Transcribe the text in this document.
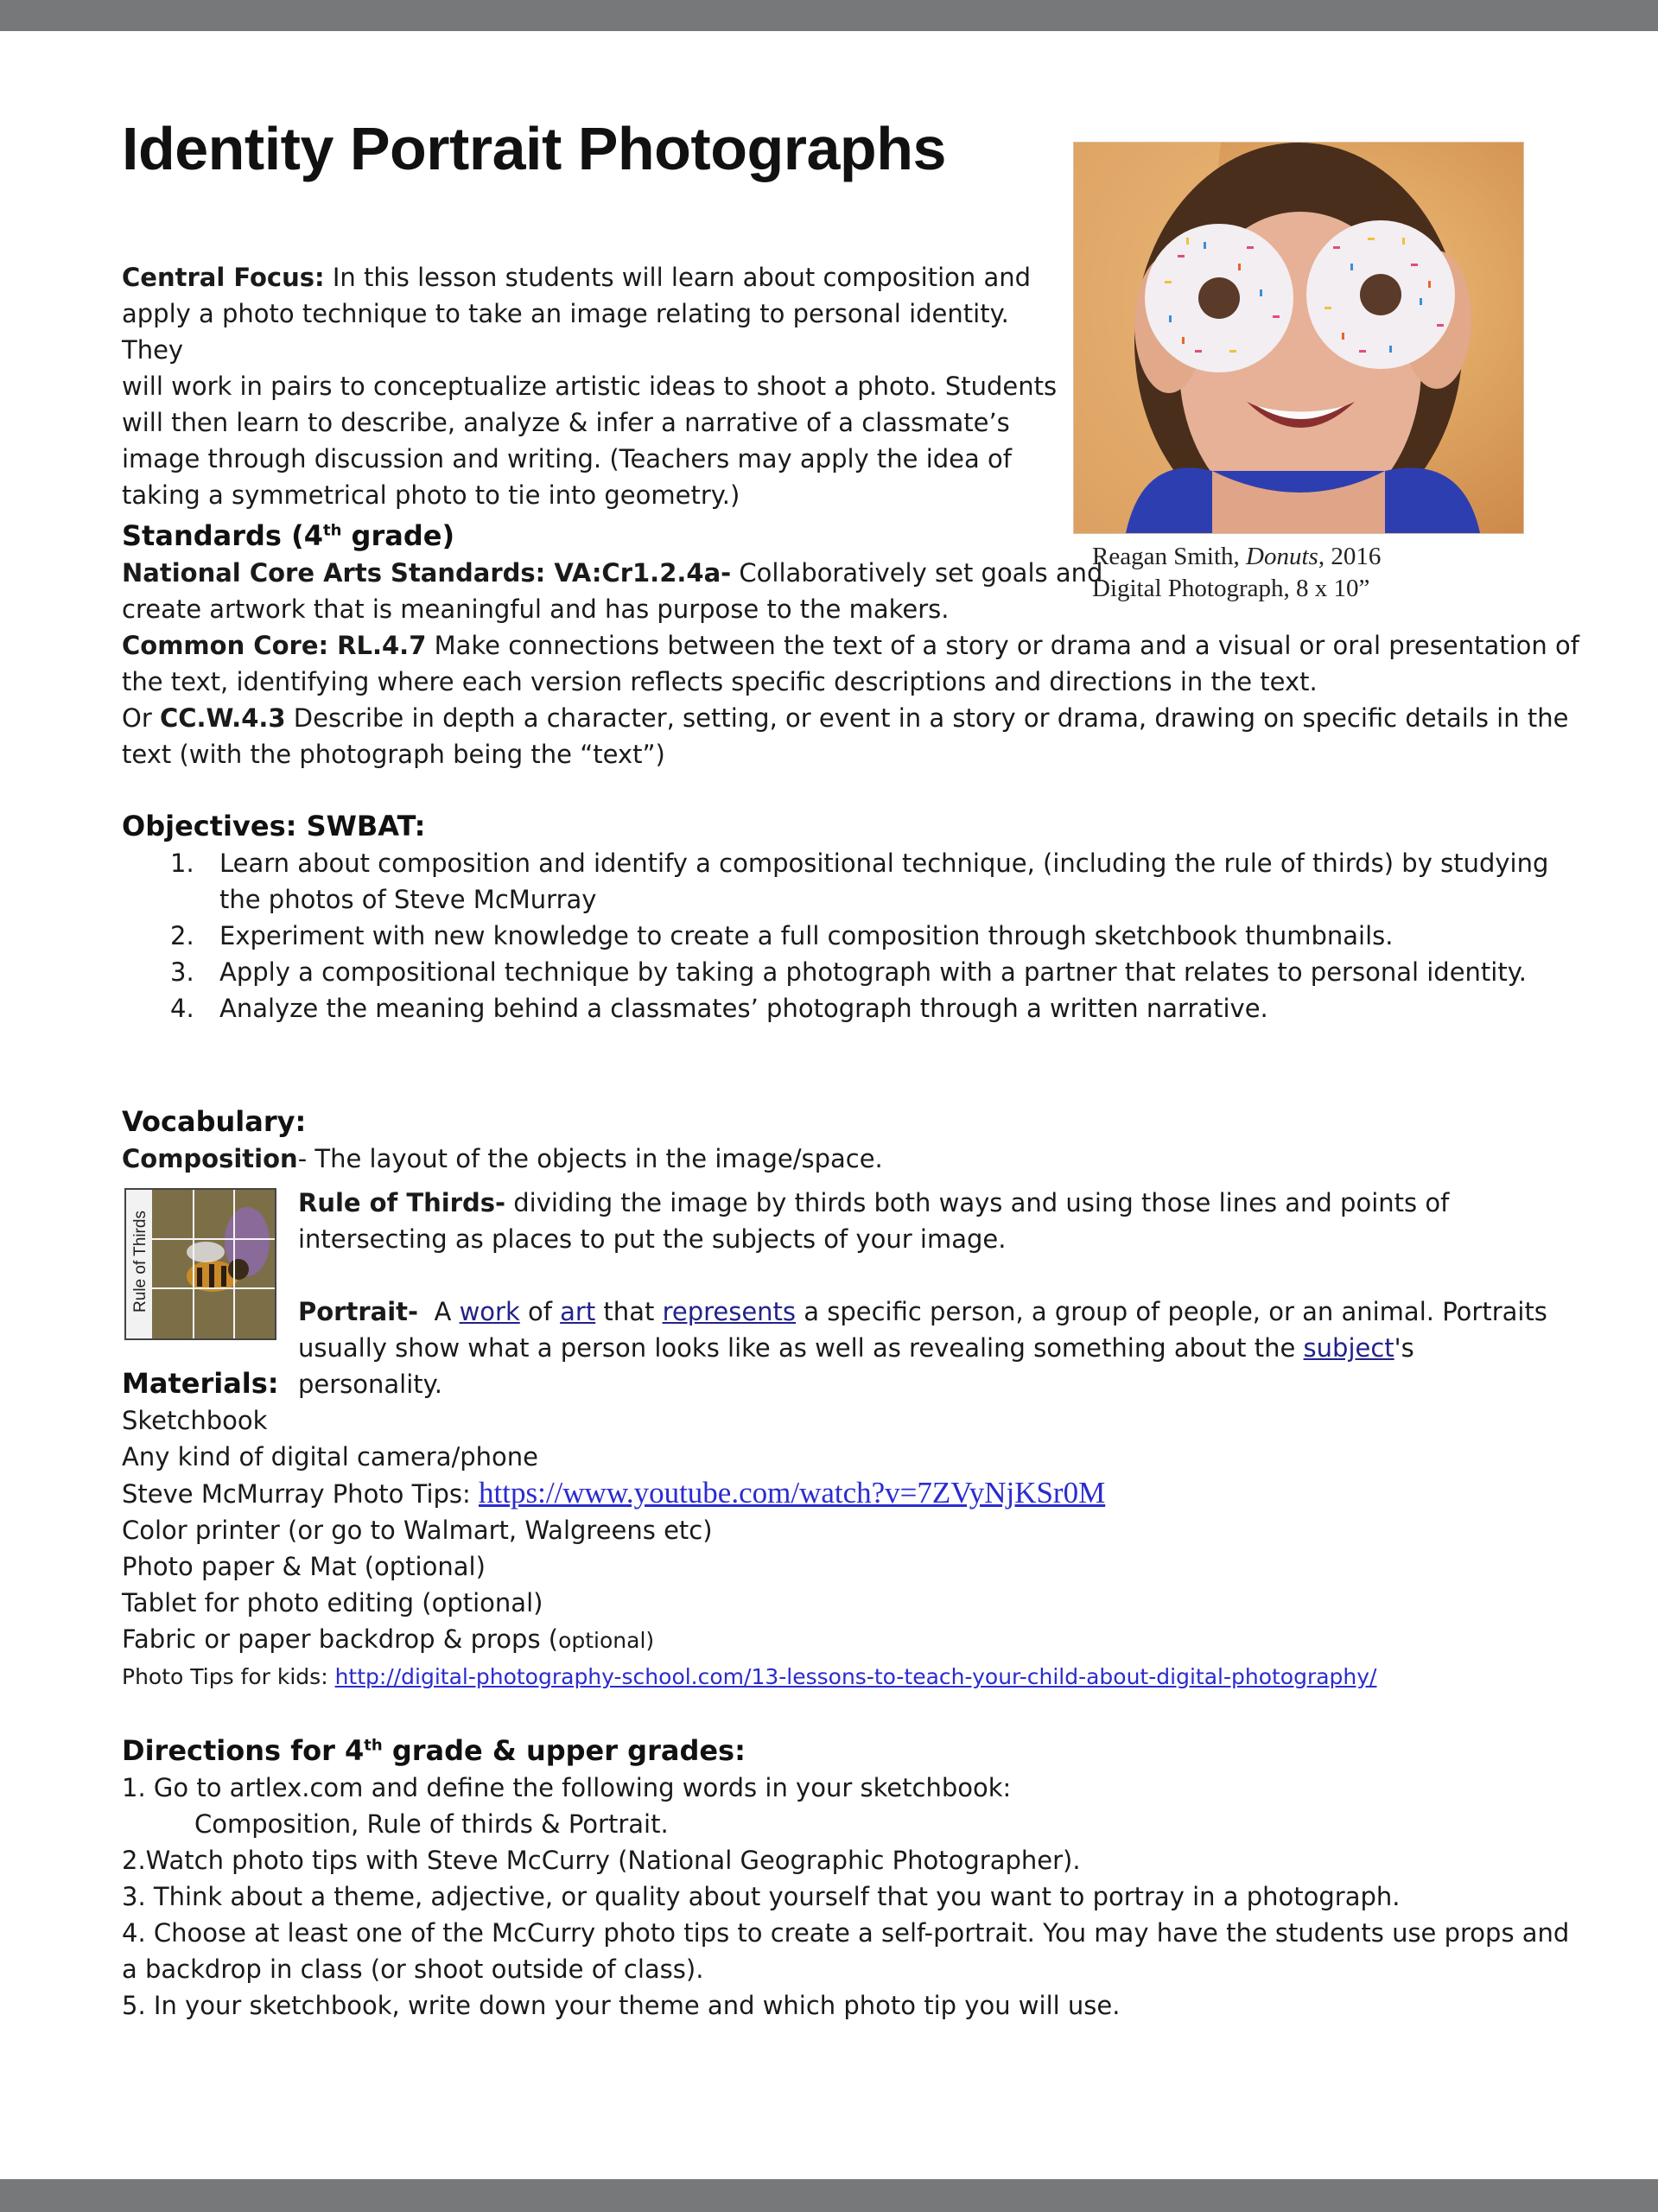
Identity Portrait Photographs
Central Focus: In this lesson students will learn about composition and
apply a photo technique to take an image relating to personal identity. They
will work in pairs to conceptualize artistic ideas to shoot a photo. Students
will then learn to describe, analyze & infer a narrative of a classmate’s
image through discussion and writing. (Teachers may apply the idea of
taking a symmetrical photo to tie into geometry.)
Reagan Smith, Donuts, 2016
Digital Photograph, 8 x 10”
Standards (4th grade)
National Core Arts Standards: VA:Cr1.2.4a- Collaboratively set goals and
create artwork that is meaningful and has purpose to the makers.
Common Core: RL.4.7 Make connections between the text of a story or drama and a visual or oral presentation of
the text, identifying where each version reflects specific descriptions and directions in the text.
Or CC.W.4.3 Describe in depth a character, setting, or event in a story or drama, drawing on specific details in the
text (with the photograph being the “text”)
Objectives: SWBAT:
1. Learn about composition and identify a compositional technique, (including the rule of thirds) by studying
the photos of Steve McMurray
2. Experiment with new knowledge to create a full composition through sketchbook thumbnails.
3. Apply a compositional technique by taking a photograph with a partner that relates to personal identity.
4. Analyze the meaning behind a classmates’ photograph through a written narrative.
Vocabulary:
Composition- The layout of the objects in the image/space.
Rule of Thirds
Rule of Thirds- dividing the image by thirds both ways and using those lines and points of
intersecting as places to put the subjects of your image.
Portrait-  A work of art that represents a specific person, a group of people, or an animal. Portraits
usually show what a person looks like as well as revealing something about the subject's personality.
Materials:
Sketchbook
Any kind of digital camera/phone
Steve McMurray Photo Tips: https://www.youtube.com/watch?v=7ZVyNjKSr0M
Color printer (or go to Walmart, Walgreens etc)
Photo paper & Mat (optional)
Tablet for photo editing (optional)
Fabric or paper backdrop & props (optional)
Photo Tips for kids: http://digital-photography-school.com/13-lessons-to-teach-your-child-about-digital-photography/
Directions for 4th grade & upper grades:
1. Go to artlex.com and define the following words in your sketchbook:
Composition, Rule of thirds & Portrait.
2.Watch photo tips with Steve McCurry (National Geographic Photographer).
3. Think about a theme, adjective, or quality about yourself that you want to portray in a photograph.
4. Choose at least one of the McCurry photo tips to create a self-portrait. You may have the students use props and
a backdrop in class (or shoot outside of class).
5. In your sketchbook, write down your theme and which photo tip you will use.
